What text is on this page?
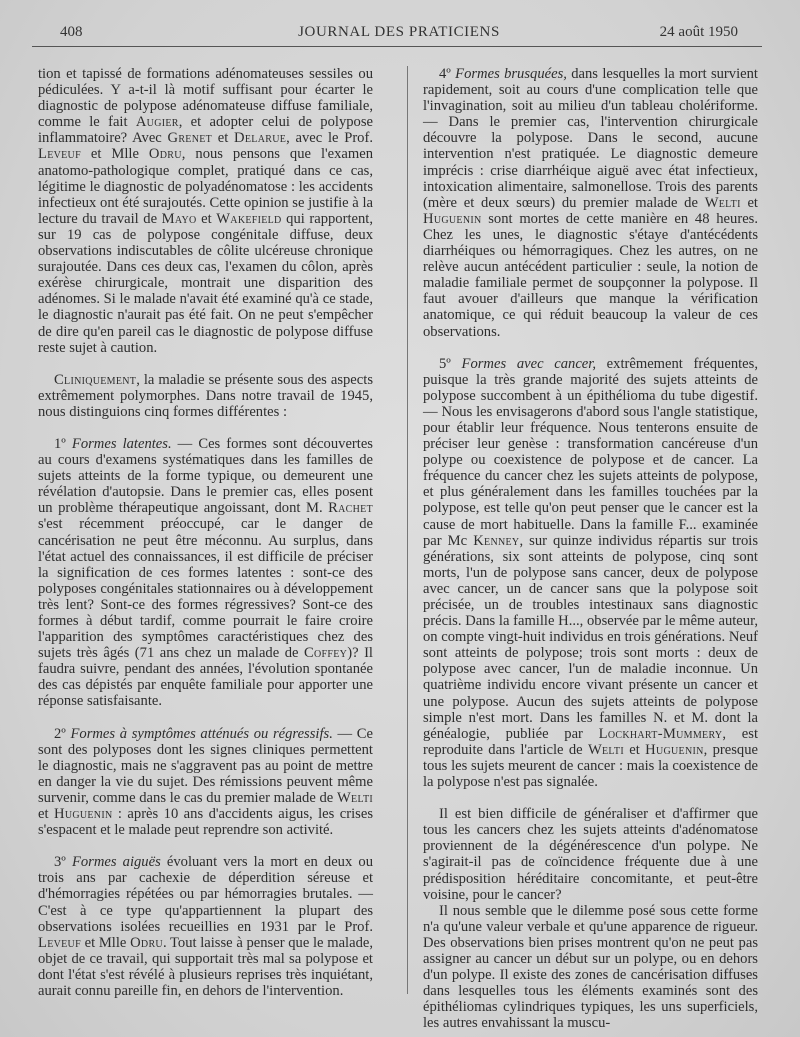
408	JOURNAL DES PRATICIENS	24 août 1950

tion et tapissé de formations adénomateuses sessiles ou pédiculées. Y a-t-il là motif suffisant pour écarter le diagnostic de polypose adénomateuse diffuse familiale, comme le fait Augier, et adopter celui de polypose inflammatoire? Avec Grenet et Delarue, avec le Prof. Leveuf et Mlle Odru, nous pensons que l'examen anatomo-pathologique complet, pratiqué dans ce cas, légitime le diagnostic de polyadénomatose : les accidents infectieux ont été surajoutés. Cette opinion se justifie à la lecture du travail de Mayo et Wakefield qui rapportent, sur 19 cas de polypose congénitale diffuse, deux observations indiscutables de côlite ulcéreuse chronique surajoutée. Dans ces deux cas, l'examen du côlon, après exérèse chirurgicale, montrait une disparition des adénomes. Si le malade n'avait été examiné qu'à ce stade, le diagnostic n'aurait pas été fait. On ne peut s'empêcher de dire qu'en pareil cas le diagnostic de polypose diffuse reste sujet à caution.

Cliniquement, la maladie se présente sous des aspects extrêmement polymorphes. Dans notre travail de 1945, nous distinguions cinq formes différentes :

1º Formes latentes. — Ces formes sont découvertes au cours d'examens systématiques dans les familles de sujets atteints de la forme typique, ou demeurent une révélation d'autopsie. Dans le premier cas, elles posent un problème thérapeutique angoissant, dont M. Rachet s'est récemment préoccupé, car le danger de cancérisation ne peut être méconnu. Au surplus, dans l'état actuel des connaissances, il est difficile de préciser la signification de ces formes latentes : sont-ce des polyposes congénitales stationnaires ou à développement très lent? Sont-ce des formes régressives? Sont-ce des formes à début tardif, comme pourrait le faire croire l'apparition des symptômes caractéristiques chez des sujets très âgés (71 ans chez un malade de Coffey)? Il faudra suivre, pendant des années, l'évolution spontanée des cas dépistés par enquête familiale pour apporter une réponse satisfaisante.

2º Formes à symptômes atténués ou régressifs. — Ce sont des polyposes dont les signes cliniques permettent le diagnostic, mais ne s'aggravent pas au point de mettre en danger la vie du sujet. Des rémissions peuvent même survenir, comme dans le cas du premier malade de Welti et Huguenin : après 10 ans d'accidents aigus, les crises s'espacent et le malade peut reprendre son activité.

3º Formes aiguës évoluant vers la mort en deux ou trois ans par cachexie de déperdition séreuse et d'hémorragies répétées ou par hémorragies brutales. — C'est à ce type qu'appartiennent la plupart des observations isolées recueillies en 1931 par le Prof. Leveuf et Mlle Odru. Tout laisse à penser que le malade, objet de ce travail, qui supportait très mal sa polypose et dont l'état s'est révélé à plusieurs reprises très inquiétant, aurait connu pareille fin, en dehors de l'intervention.

4º Formes brusquées, dans lesquelles la mort survient rapidement, soit au cours d'une complication telle que l'invagination, soit au milieu d'un tableau cholériforme. — Dans le premier cas, l'intervention chirurgicale découvre la polypose. Dans le second, aucune intervention n'est pratiquée. Le diagnostic demeure imprécis : crise diarrhéique aiguë avec état infectieux, intoxication alimentaire, salmonellose. Trois des parents (mère et deux sœurs) du premier malade de Welti et Huguenin sont mortes de cette manière en 48 heures. Chez les unes, le diagnostic s'étaye d'antécédents diarrhéiques ou hémorragiques. Chez les autres, on ne relève aucun antécédent particulier : seule, la notion de maladie familiale permet de soupçonner la polypose. Il faut avouer d'ailleurs que manque la vérification anatomique, ce qui réduit beaucoup la valeur de ces observations.

5º Formes avec cancer, extrêmement fréquentes, puisque la très grande majorité des sujets atteints de polypose succombent à un épithélioma du tube digestif. — Nous les envisagerons d'abord sous l'angle statistique, pour établir leur fréquence. Nous tenterons ensuite de préciser leur genèse : transformation cancéreuse d'un polype ou coexistence de polypose et de cancer. La fréquence du cancer chez les sujets atteints de polypose, et plus généralement dans les familles touchées par la polypose, est telle qu'on peut penser que le cancer est la cause de mort habituelle. Dans la famille F... examinée par Mc Kenney, sur quinze individus répartis sur trois générations, six sont atteints de polypose, cinq sont morts, l'un de polypose sans cancer, deux de polypose avec cancer, un de cancer sans que la polypose soit précisée, un de troubles intestinaux sans diagnostic précis. Dans la famille H..., observée par le même auteur, on compte vingt-huit individus en trois générations. Neuf sont atteints de polypose; trois sont morts : deux de polypose avec cancer, l'un de maladie inconnue. Un quatrième individu encore vivant présente un cancer et une polypose. Aucun des sujets atteints de polypose simple n'est mort. Dans les familles N. et M. dont la généalogie, publiée par Lockhart-Mummery, est reproduite dans l'article de Welti et Huguenin, presque tous les sujets meurent de cancer : mais la coexistence de la polypose n'est pas signalée.

Il est bien difficile de généraliser et d'affirmer que tous les cancers chez les sujets atteints d'adénomatose proviennent de la dégénérescence d'un polype. Ne s'agirait-il pas de coïncidence fréquente due à une prédisposition héréditaire concomitante, et peut-être voisine, pour le cancer?

Il nous semble que le dilemme posé sous cette forme n'a qu'une valeur verbale et qu'une apparence de rigueur. Des observations bien prises montrent qu'on ne peut pas assigner au cancer un début sur un polype, ou en dehors d'un polype. Il existe des zones de cancérisation diffuses dans lesquelles tous les éléments examinés sont des épithéliomas cylindriques typiques, les uns superficiels, les autres envahissant la muscu-
